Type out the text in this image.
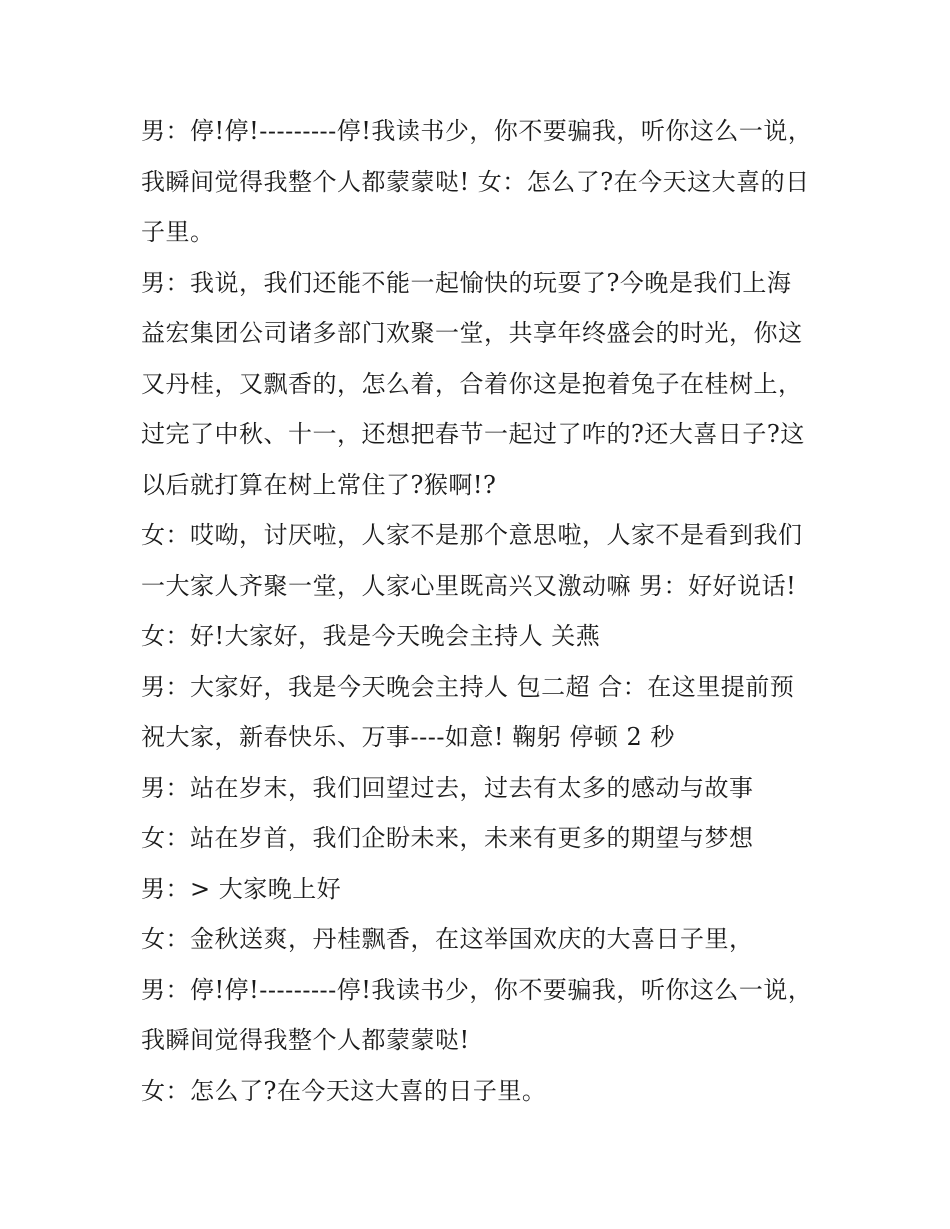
男：停!停!---------停!我读书少，你不要骗我，听你这么一说，
我瞬间觉得我整个人都蒙蒙哒! 女：怎么了?在今天这大喜的日
子里。
男：我说，我们还能不能一起愉快的玩耍了?今晚是我们上海
益宏集团公司诸多部门欢聚一堂，共享年终盛会的时光，你这
又丹桂，又飘香的，怎么着，合着你这是抱着兔子在桂树上，
过完了中秋、十一，还想把春节一起过了咋的?还大喜日子?这
以后就打算在树上常住了?猴啊!?
女：哎呦，讨厌啦，人家不是那个意思啦，人家不是看到我们
一大家人齐聚一堂，人家心里既高兴又激动嘛 男：好好说话!
女：好!大家好，我是今天晚会主持人 关燕
男：大家好，我是今天晚会主持人 包二超 合：在这里提前预
祝大家，新春快乐、万事----如意! 鞠躬 停顿 2 秒
男：站在岁末，我们回望过去，过去有太多的感动与故事
女：站在岁首，我们企盼未来，未来有更多的期望与梦想
男：> 大家晚上好
女：金秋送爽，丹桂飘香，在这举国欢庆的大喜日子里，
男：停!停!---------停!我读书少，你不要骗我，听你这么一说，
我瞬间觉得我整个人都蒙蒙哒!
女：怎么了?在今天这大喜的日子里。
